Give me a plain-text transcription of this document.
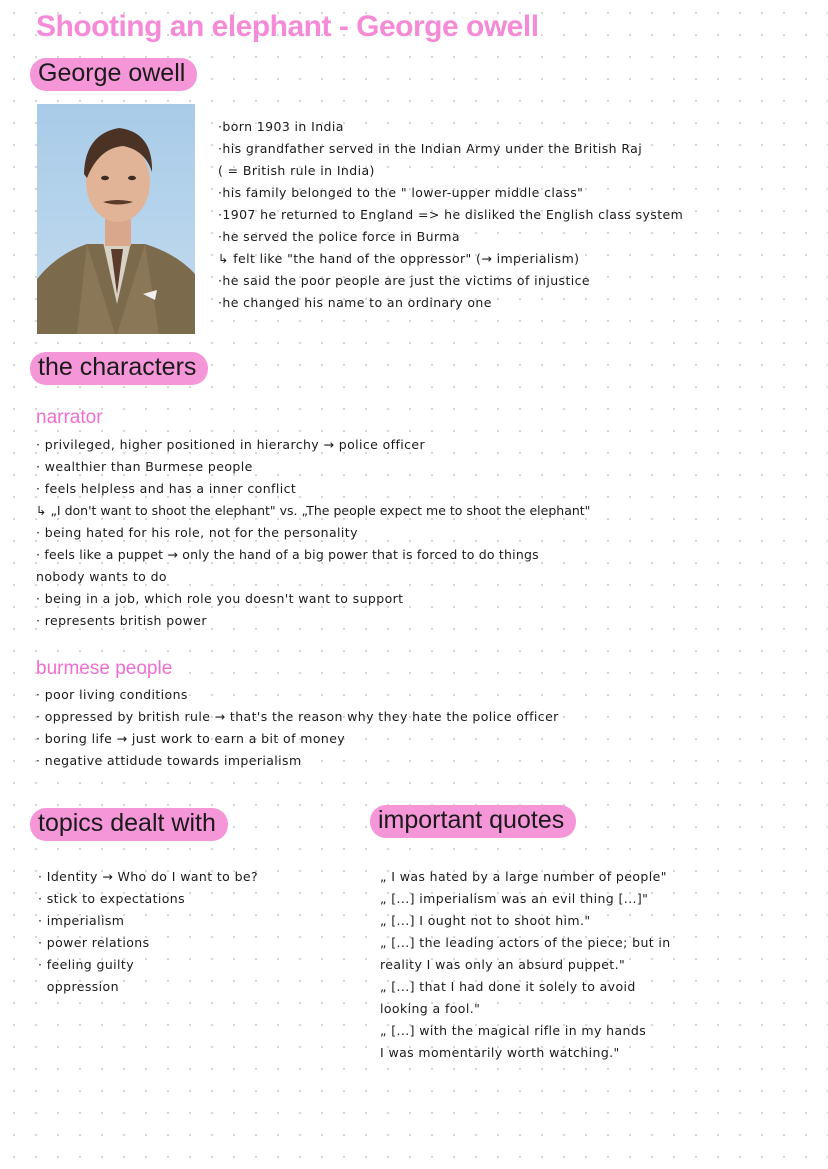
Shooting an elephant - George owell
George owell
·born 1903 in India
·his grandfather served in the Indian Army under the British Raj
( = British rule in India)
·his family belonged to the " lower-upper middle class"
·1907 he returned to England => he disliked the English class system
·he served the police force in Burma
↳ felt like "the hand of the oppressor" (→ imperialism)
·he said the poor people are just the victims of injustice
·he changed his name to an ordinary one
the characters
narrator
· privileged, higher positioned in hierarchy → police officer
· wealthier than Burmese people
· feels helpless and has a inner conflict
↳ „I don't want to shoot the elephant" vs. „The people expect me to shoot the elephant"
· being hated for his role, not for the personality
· feels like a puppet → only the hand of a big power that is forced to do things
nobody wants to do
· being in a job, which role you doesn't want to support
· represents british power
burmese people
· poor living conditions
· oppressed by british rule → that's the reason why they hate the police officer
· boring life → just work to earn a bit of money
· negative attidude towards imperialism
topics dealt with
· Identity → Who do I want to be?
· stick to expectations
· imperialism
· power relations
· feeling guilty
oppression
important quotes
„ I was hated by a large number of people"
„ [...] imperialism was an evil thing [...]"
„ [...] I ought not to shoot him."
„ [...] the leading actors of the piece; but in
reality I was only an absurd puppet."
„ [...] that I had done it solely to avoid
looking a fool."
„ [...] with the magical rifle in my hands
I was momentarily worth watching."
